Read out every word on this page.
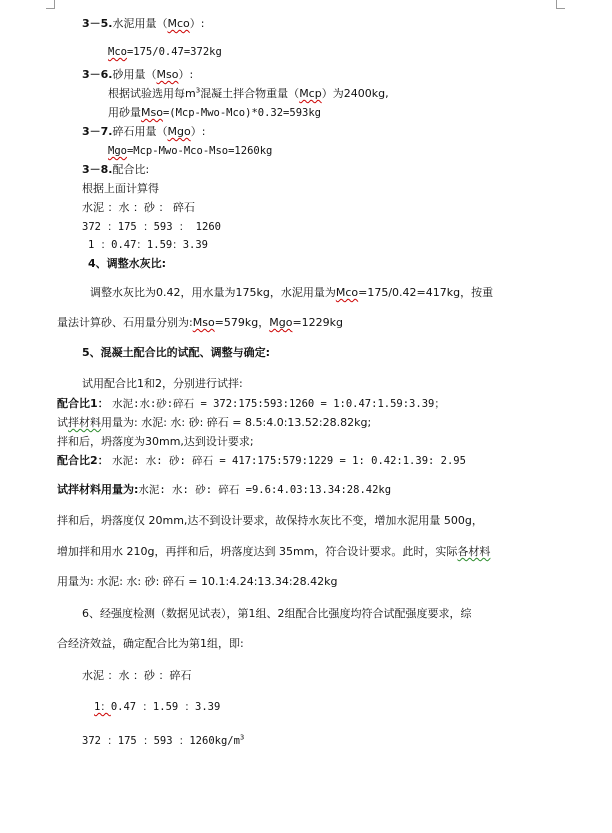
3－5.水泥用量（Mco）:
Mco=175/0.47=372kg
3－6.砂用量（Mso）:
根据试验选用每$m^3$混凝土拌合物重量（Mcp）为2400kg,
用砂量Mso=(Mcp-Mwo-Mco)*0.32=593kg
3－7.碎石用量（Mgo）:
Mgo=Mcp-Mwo-Mco-Mso=1260kg
3－8.配合比:
根据上面计算得
水泥 ：水 ：砂 ： 碎石
372 ：175 ：593 ： 1260
1 ：0.47：1.59：3.39
4、调整水灰比:
调整水灰比为0.42，用水量为175kg，水泥用量为Mco=175/0.42=417kg，按重
量法计算砂、石用量分别为:Mso=579kg，Mgo=1229kg
5、混凝土配合比的试配、调整与确定:
试用配合比1和2，分别进行试拌:
配合比1： 水泥:水:砂:碎石 = 372:175:593:1260 = 1:0.47:1.59:3.39；
试拌材料用量为: 水泥: 水: 砂: 碎石 = 8.5:4.0:13.52:28.82kg;
拌和后，坍落度为30mm,达到设计要求;
配合比2： 水泥: 水: 砂: 碎石 = 417:175:579:1229 = 1: 0.42:1.39: 2.95
试拌材料用量为:水泥: 水: 砂: 碎石 =9.6:4.03:13.34:28.42kg
拌和后，坍落度仅 20mm,达不到设计要求，故保持水灰比不变，增加水泥用量 500g，
增加拌和用水 210g，再拌和后，坍落度达到 35mm，符合设计要求。此时，实际各材料
用量为: 水泥: 水: 砂: 碎石 = 10.1:4.24:13.34:28.42kg
6、经强度检测（数据见试表），第1组、2组配合比强度均符合试配强度要求，综
合经济效益，确定配合比为第1组，即:
水泥 ：水 ：砂 ：碎石
1：0.47 ：1.59 ：3.39
372 ：175 ：593 ：$1260kg/m^3$
